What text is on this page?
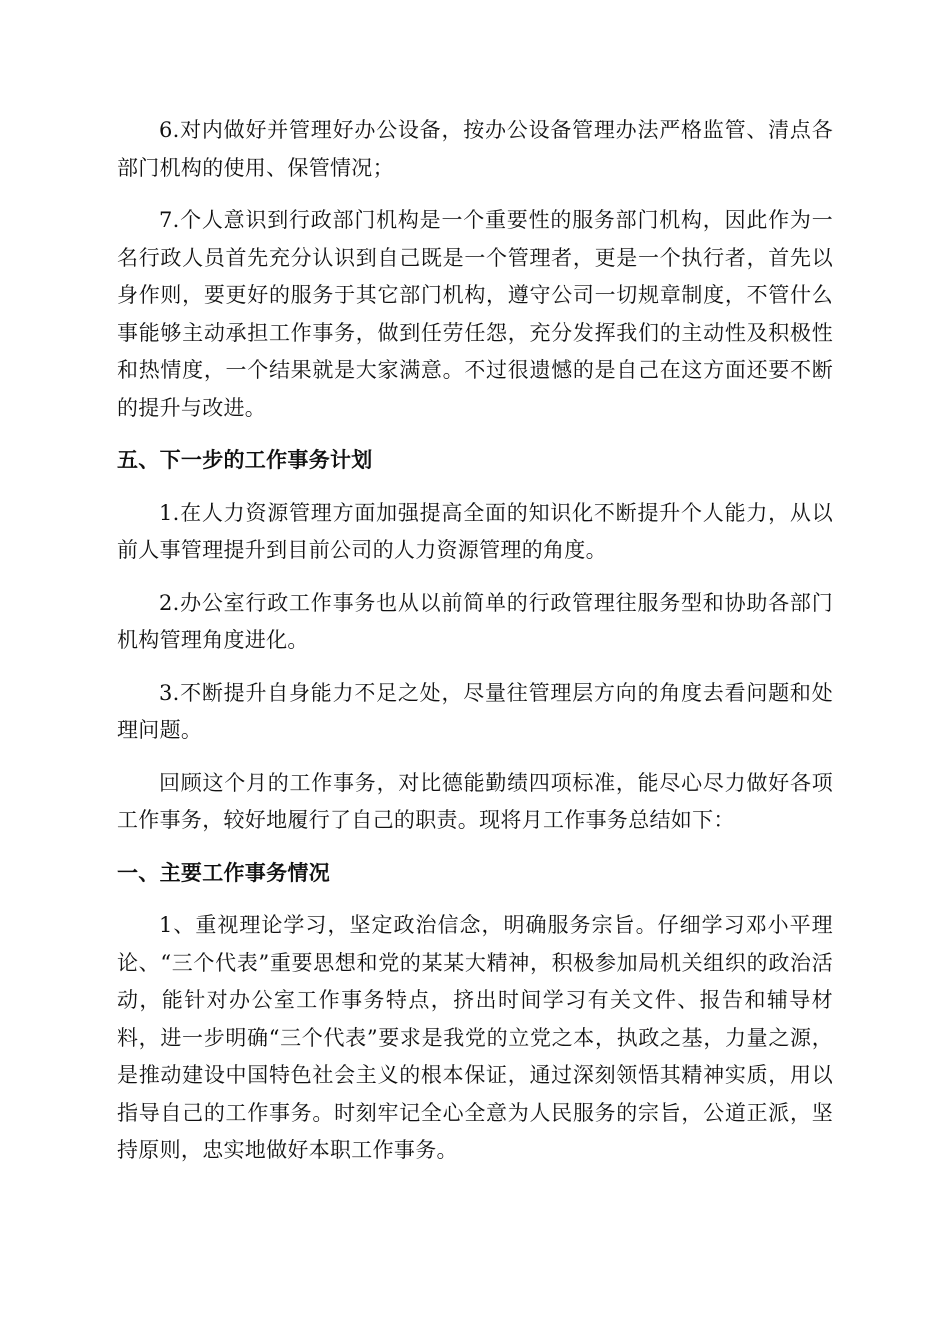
6.对内做好并管理好办公设备，按办公设备管理办法严格监管、清点各部门机构的使用、保管情况；

7.个人意识到行政部门机构是一个重要性的服务部门机构，因此作为一名行政人员首先充分认识到自己既是一个管理者，更是一个执行者，首先以身作则，要更好的服务于其它部门机构，遵守公司一切规章制度，不管什么事能够主动承担工作事务，做到任劳任怨，充分发挥我们的主动性及积极性和热情度，一个结果就是大家满意。不过很遗憾的是自己在这方面还要不断的提升与改进。

五、下一步的工作事务计划

1.在人力资源管理方面加强提高全面的知识化不断提升个人能力，从以前人事管理提升到目前公司的人力资源管理的角度。

2.办公室行政工作事务也从以前简单的行政管理往服务型和协助各部门机构管理角度进化。

3.不断提升自身能力不足之处，尽量往管理层方向的角度去看问题和处理问题。

回顾这个月的工作事务，对比德能勤绩四项标准，能尽心尽力做好各项工作事务，较好地履行了自己的职责。现将月工作事务总结如下：

一、主要工作事务情况

1、重视理论学习，坚定政治信念，明确服务宗旨。仔细学习邓小平理论、“三个代表”重要思想和党的某某大精神，积极参加局机关组织的政治活动，能针对办公室工作事务特点，挤出时间学习有关文件、报告和辅导材料，进一步明确“三个代表”要求是我党的立党之本，执政之基，力量之源，是推动建设中国特色社会主义的根本保证，通过深刻领悟其精神实质，用以指导自己的工作事务。时刻牢记全心全意为人民服务的宗旨，公道正派，坚持原则，忠实地做好本职工作事务。
